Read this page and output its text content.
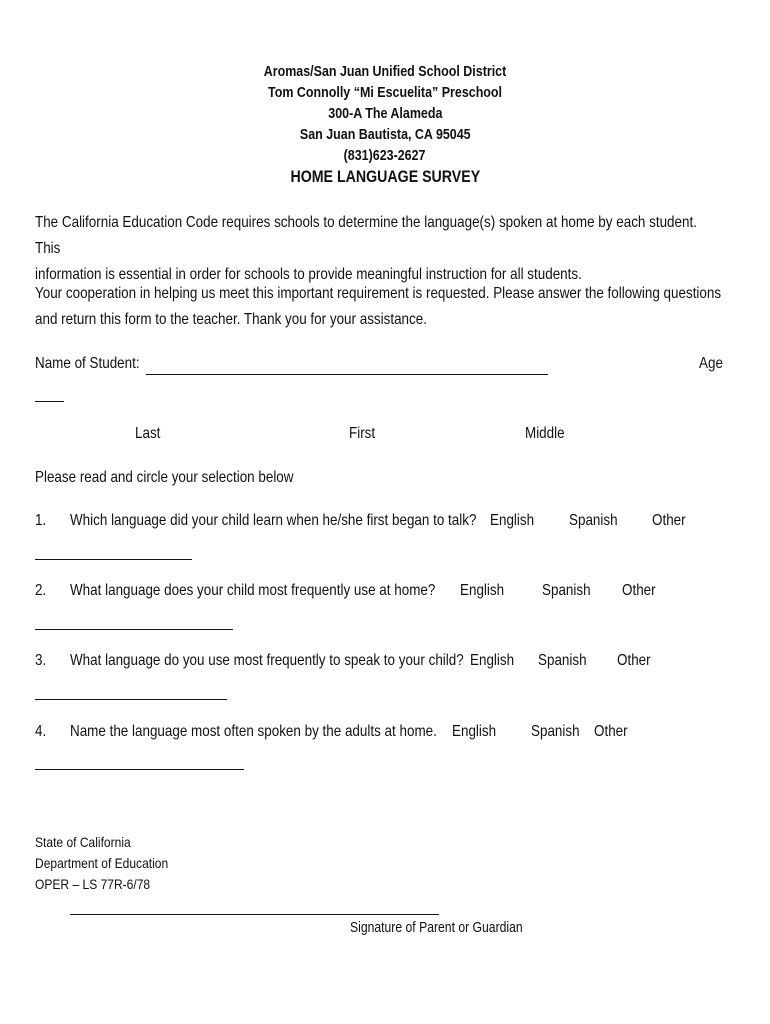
Aromas/San Juan Unified School District
Tom Connolly “Mi Escuelita” Preschool
300-A The Alameda
San Juan Bautista, CA 95045
(831)623-2627
HOME LANGUAGE SURVEY
The California Education Code requires schools to determine the language(s) spoken at home by each student. This
information is essential in order for schools to provide meaningful instruction for all students.
Your cooperation in helping us meet this important requirement is requested. Please answer the following questions
and return this form to the teacher. Thank you for your assistance.
Name of Student:	Age
Last	First	Middle
Please read and circle your selection below
1. Which language did your child learn when he/she first began to talk? English	Spanish	Other
2. What language does your child most frequently use at home? English	Spanish	Other
3. What language do you use most frequently to speak to your child? English	Spanish	Other
4. Name the language most often spoken by the adults at home. English	Spanish Other
State of California
Department of Education
OPER – LS 77R-6/78
Signature of Parent or Guardian
